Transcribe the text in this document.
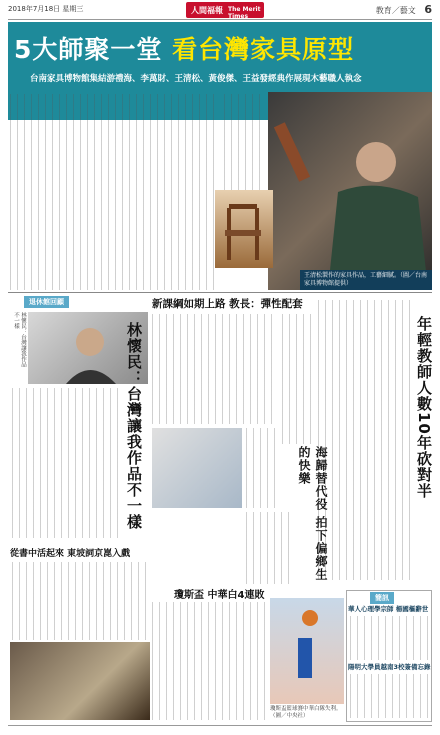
2018年7月18日 星期三	人間福報 The Merit Times
教育／藝文 6
5大師聚一堂 看台灣家具原型
台南家具博物館集結游禮海、李萬財、王清松、黃俊傑、王益發經典作展現木藝職人執念
王清松製作的家具作品，工藝細膩。（圖／台南家具博物館提供）
退休館回顧
林懷民：台灣讓我作品不一樣
林懷民：台灣讓我作品不一樣
從書中活起來 東坡詞京崑入戲
新課綱如期上路 教長：彈性配套
海歸替代役 拍下偏鄉生的快樂	年輕教師人數10年砍對半
瓊斯盃 中華白4連敗
瓊斯盃籃球賽中華白隊失利。（圖／中央社）
簡訊
華人心理學宗師 楊國樞辭世
陽明大學員越南3校簽備忘錄
